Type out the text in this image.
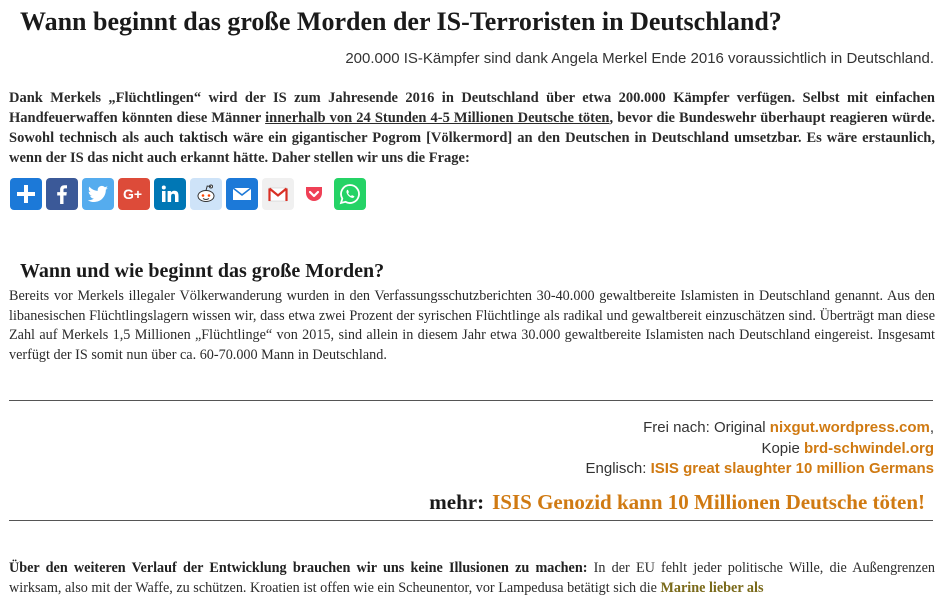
Wann beginnt das große Morden der IS-Terroristen in Deutschland?
200.000 IS-Kämpfer sind dank Angela Merkel Ende 2016 voraussichtlich in Deutschland.
Dank Merkels „Flüchtlingen“ wird der IS zum Jahresende 2016 in Deutschland über etwa 200.000 Kämpfer verfügen. Selbst mit einfachen Handfeuerwaffen könnten diese Männer innerhalb von 24 Stunden 4-5 Millionen Deutsche töten, bevor die Bundeswehr überhaupt reagieren würde. Sowohl technisch als auch taktisch wäre ein gigantischer Pogrom [Völkermord] an den Deutschen in Deutschland umsetzbar. Es wäre erstaunlich, wenn der IS das nicht auch erkannt hätte. Daher stellen wir uns die Frage:
G+
Wann und wie beginnt das große Morden?
Bereits vor Merkels illegaler Völkerwanderung wurden in den Verfassungsschutzberichten 30-40.000 gewaltbereite Islamisten in Deutschland genannt. Aus den libanesischen Flüchtlingslagern wissen wir, dass etwa zwei Prozent der syrischen Flüchtlinge als radikal und gewaltbereit einzuschätzen sind. Überträgt man diese Zahl auf Merkels 1,5 Millionen „Flüchtlinge“ von 2015, sind allein in diesem Jahr etwa 30.000 gewaltbereite Islamisten nach Deutschland eingereist. Insgesamt verfügt der IS somit nun über ca. 60-70.000 Mann in Deutschland.
Frei nach: Original nixgut.wordpress.com,
Kopie brd-schwindel.org
Englisch: ISIS great slaughter 10 million Germans
mehr: ISIS Genozid kann 10 Millionen Deutsche töten!
Über den weiteren Verlauf der Entwicklung brauchen wir uns keine Illusionen zu machen: In der EU fehlt jeder politische Wille, die Außengrenzen wirksam, also mit der Waffe, zu schützen. Kroatien ist offen wie ein Scheunentor, vor Lampedusa betätigt sich die Marine lieber als
